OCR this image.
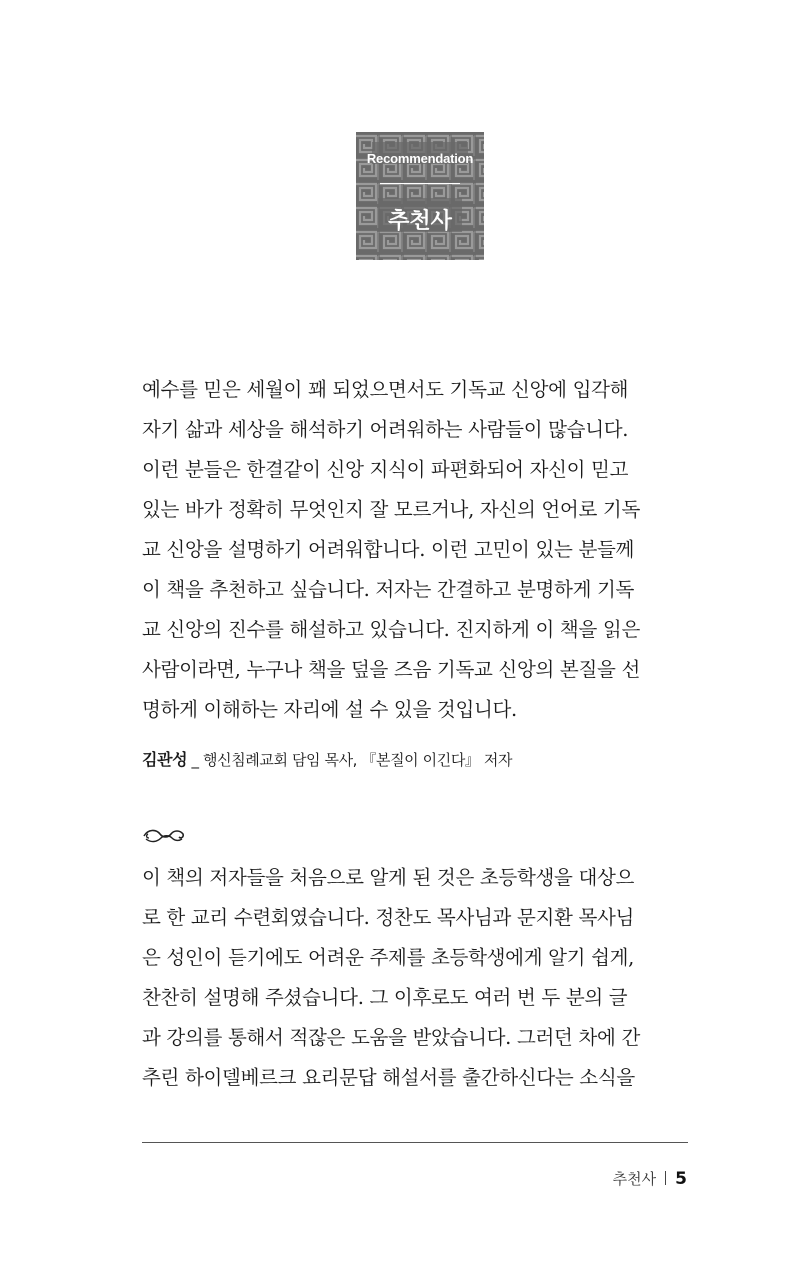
Recommendation
추천사
예수를 믿은 세월이 꽤 되었으면서도 기독교 신앙에 입각해
자기 삶과 세상을 해석하기 어려워하는 사람들이 많습니다.
이런 분들은 한결같이 신앙 지식이 파편화되어 자신이 믿고
있는 바가 정확히 무엇인지 잘 모르거나, 자신의 언어로 기독
교 신앙을 설명하기 어려워합니다. 이런 고민이 있는 분들께
이 책을 추천하고 싶습니다. 저자는 간결하고 분명하게 기독
교 신앙의 진수를 해설하고 있습니다. 진지하게 이 책을 읽은
사람이라면, 누구나 책을 덮을 즈음 기독교 신앙의 본질을 선
명하게 이해하는 자리에 설 수 있을 것입니다.
김관성 _ 행신침례교회 담임 목사, 『본질이 이긴다』 저자
이 책의 저자들을 처음으로 알게 된 것은 초등학생을 대상으
로 한 교리 수련회였습니다. 정찬도 목사님과 문지환 목사님
은 성인이 듣기에도 어려운 주제를 초등학생에게 알기 쉽게,
찬찬히 설명해 주셨습니다. 그 이후로도 여러 번 두 분의 글
과 강의를 통해서 적잖은 도움을 받았습니다. 그러던 차에 간
추린 하이델베르크 요리문답 해설서를 출간하신다는 소식을
추천사 5
